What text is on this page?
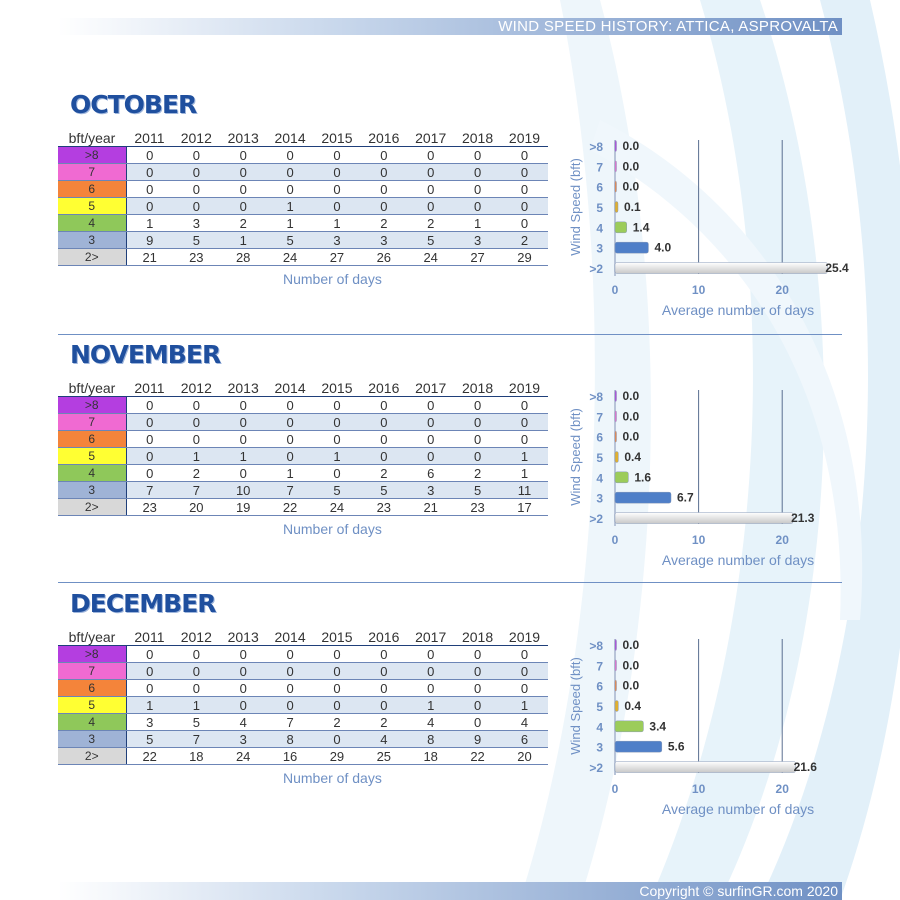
WIND SPEED HISTORY: ATTICA, ASPROVALTA
OCTOBER
bft/year	2011	2012	2013	2014	2015	2016	2017	2018	2019
>8	0	0	0	0	0	0	0	0	0
7	0	0	0	0	0	0	0	0	0
6	0	0	0	0	0	0	0	0	0
5	0	0	0	1	0	0	0	0	0
4	1	3	2	1	1	2	2	1	0
3	9	5	1	5	3	3	5	3	2
2>	21	23	28	24	27	26	24	27	29
Number of days
Wind Speed (bft)
>8 0.0
7 0.0
6 0.0
5 0.1
4 1.4
3	4.0
>2	25.4
0	10	20
Average number of days
NOVEMBER
bft/year	2011	2012	2013	2014	2015	2016	2017	2018	2019
>8	0	0	0	0	0	0	0	0	0
7	0	0	0	0	0	0	0	0	0
6	0	0	0	0	0	0	0	0	0
5	0	1	1	0	1	0	0	0	1
4	0	2	0	1	0	2	6	2	1
3	7	7	10	7	5	5	3	5	11
2>	23	20	19	22	24	23	21	23	17
Number of days
Wind Speed (bft)
>8 0.0
7 0.0
6 0.0
5 0.4
4	1.6
3	6.7
>2	21.3
0	10	20
Average number of days
DECEMBER
bft/year	2011	2012	2013	2014	2015	2016	2017	2018	2019
>8	0	0	0	0	0	0	0	0	0
7	0	0	0	0	0	0	0	0	0
6	0	0	0	0	0	0	0	0	0
5	1	1	0	0	0	0	1	0	1
4	3	5	4	7	2	2	4	0	4
3	5	7	3	8	0	4	8	9	6
2>	22	18	24	16	29	25	18	22	20
Number of days
Wind Speed (bft)
>8 0.0
7 0.0
6 0.0
5 0.4
4	3.4
3	5.6
>2	21.6
0	10	20
Average number of days
Copyright © surfinGR.com 2020
